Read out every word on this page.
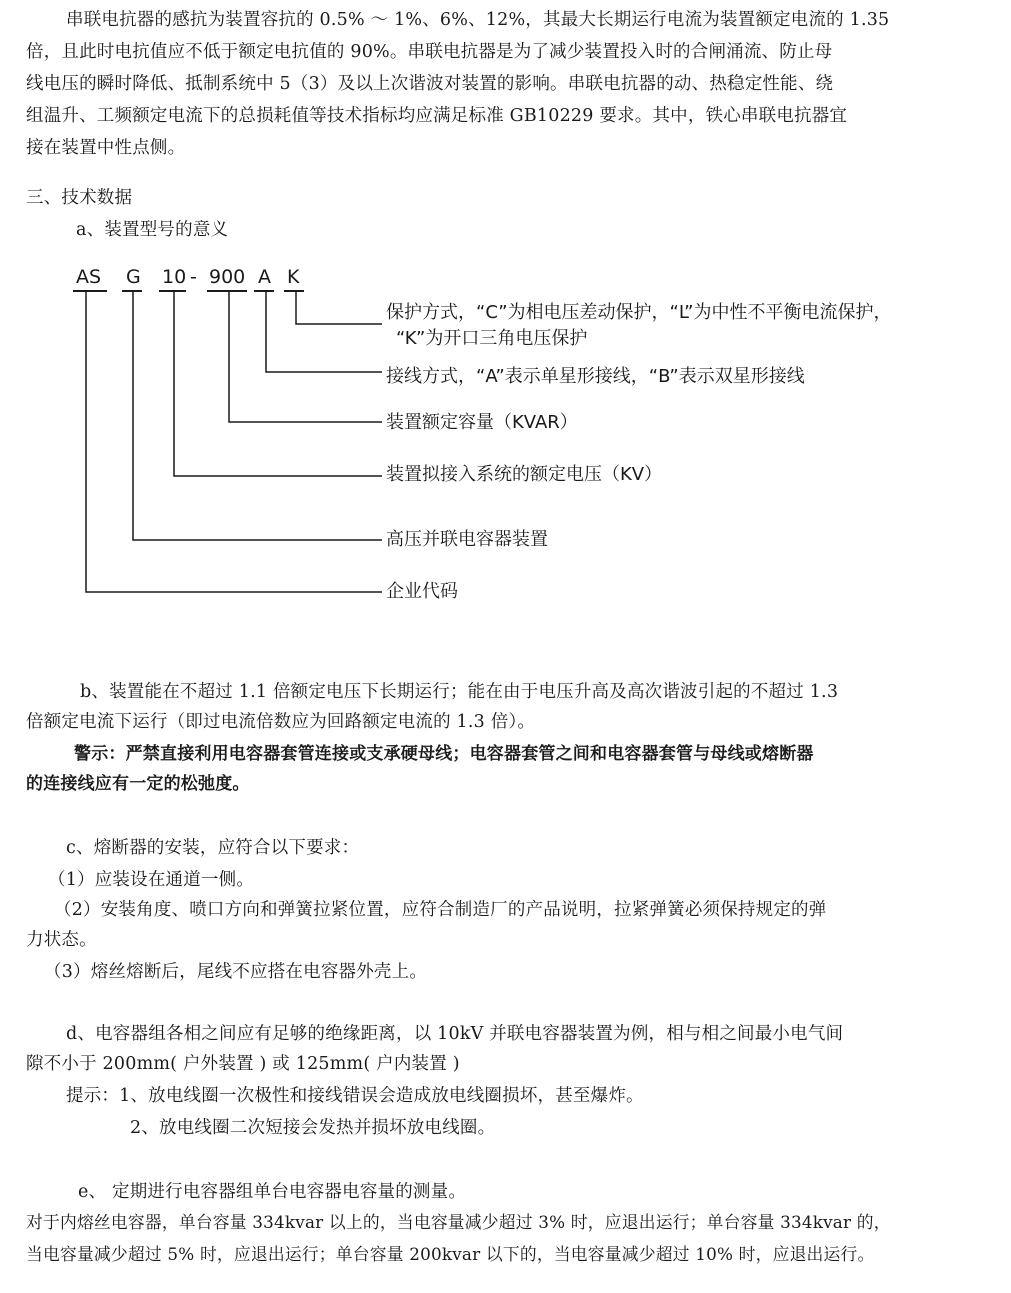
串联电抗器的感抗为装置容抗的 0.5% ～ 1%、6%、12%，其最大长期运行电流为装置额定电流的 1.35
倍，且此时电抗值应不低于额定电抗值的 90%。串联电抗器是为了减少装置投入时的合闸涌流、防止母
线电压的瞬时降低、抵制系统中 5（3）及以上次谐波对装置的影响。串联电抗器的动、热稳定性能、绕
组温升、工频额定电流下的总损耗值等技术指标均应满足标准 GB10229 要求。其中，铁心串联电抗器宜
接在装置中性点侧。
三、技术数据
a、装置型号的意义
AS G 10 - 900 A K
保护方式，“C”为相电压差动保护，“L”为中性不平衡电流保护，
“K”为开口三角电压保护
接线方式，“A”表示单星形接线，“B”表示双星形接线
装置额定容量（KVAR）
装置拟接入系统的额定电压（KV）
高压并联电容器装置
企业代码
b、装置能在不超过 1.1 倍额定电压下长期运行；能在由于电压升高及高次谐波引起的不超过 1.3
倍额定电流下运行（即过电流倍数应为回路额定电流的 1.3 倍）。
警示：严禁直接利用电容器套管连接或支承硬母线；电容器套管之间和电容器套管与母线或熔断器
的连接线应有一定的松弛度。
c、熔断器的安装，应符合以下要求：
（1）应装设在通道一侧。
（2）安装角度、喷口方向和弹簧拉紧位置，应符合制造厂的产品说明，拉紧弹簧必须保持规定的弹
力状态。
（3）熔丝熔断后，尾线不应搭在电容器外壳上。
d、电容器组各相之间应有足够的绝缘距离，以 10kV 并联电容器装置为例，相与相之间最小电气间
隙不小于 200mm( 户外装置 ) 或 125mm( 户内装置 )
提示：1、放电线圈一次极性和接线错误会造成放电线圈损坏，甚至爆炸。
2、放电线圈二次短接会发热并损坏放电线圈。
e、 定期进行电容器组单台电容器电容量的测量。
对于内熔丝电容器，单台容量 334kvar 以上的，当电容量减少超过 3% 时，应退出运行；单台容量 334kvar 的，
当电容量减少超过 5% 时，应退出运行；单台容量 200kvar 以下的，当电容量减少超过 10% 时，应退出运行。
